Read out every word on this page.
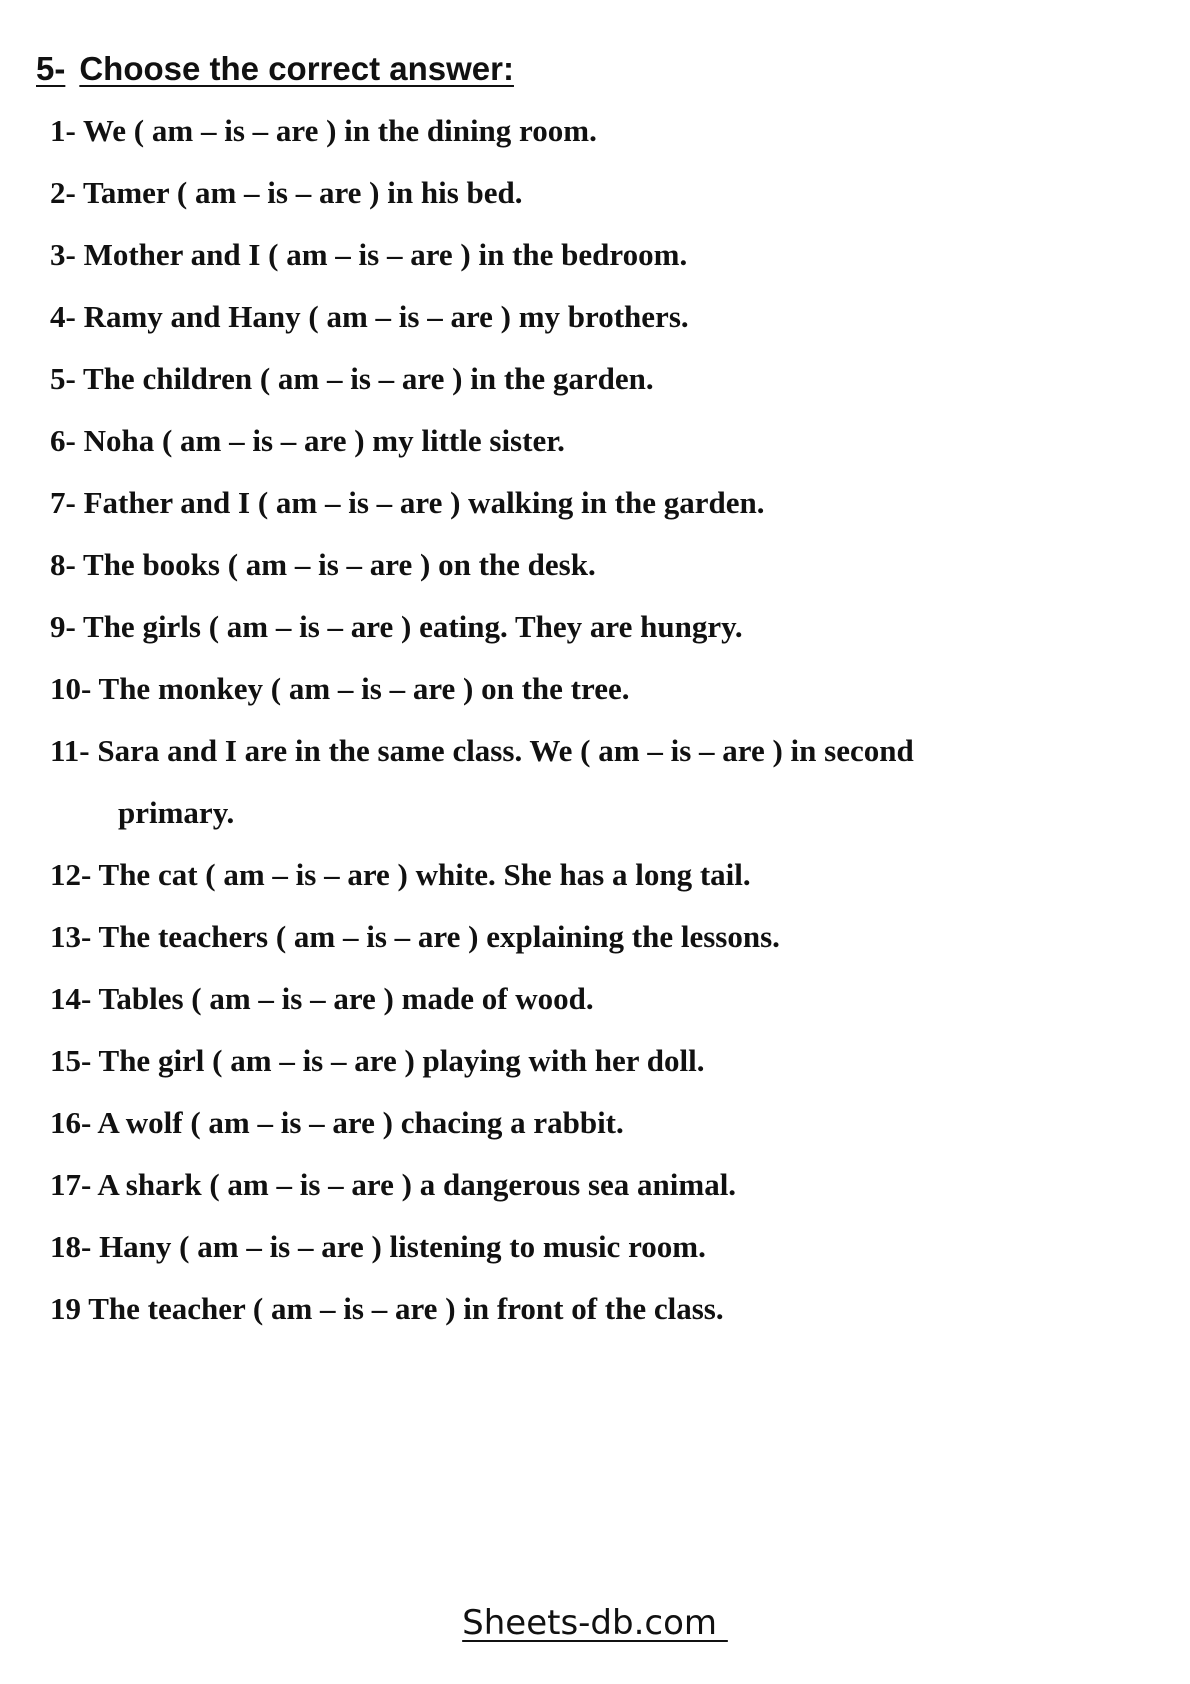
5- Choose the correct answer:
1- We ( am – is – are ) in the dining room.
2- Tamer ( am – is – are ) in his bed.
3- Mother and I ( am – is – are ) in the bedroom.
4- Ramy and Hany ( am – is – are ) my brothers.
5- The children ( am – is – are ) in the garden.
6- Noha ( am – is – are ) my little sister.
7- Father and I ( am – is – are ) walking in the garden.
8- The books ( am – is – are ) on the desk.
9- The girls ( am – is – are ) eating. They are hungry.
10- The monkey ( am – is – are ) on the tree.
11- Sara and I are in the same class. We ( am – is – are ) in second
primary.
12- The cat ( am – is – are ) white. She has a long tail.
13- The teachers ( am – is – are ) explaining the lessons.
14- Tables ( am – is – are ) made of wood.
15- The girl ( am – is – are ) playing with her doll.
16- A wolf ( am – is – are ) chacing a rabbit.
17- A shark ( am – is – are ) a dangerous sea animal.
18- Hany ( am – is – are ) listening to music room.
19 The teacher ( am – is – are ) in front of the class.
Sheets-db.com
